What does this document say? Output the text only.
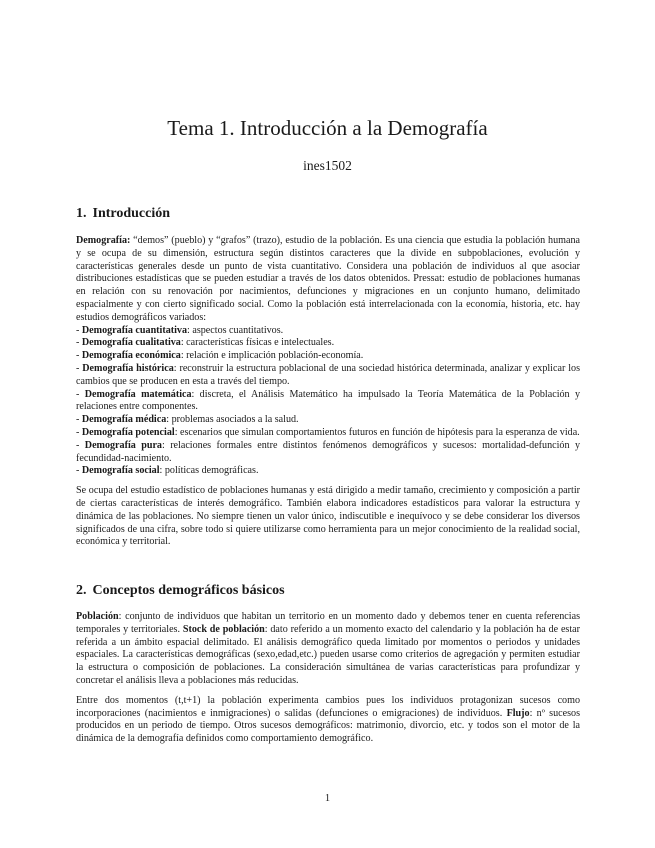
Tema 1. Introducción a la Demografía
ines1502
1. Introducción

Demografía: “demos” (pueblo) y “grafos” (trazo), estudio de la población. Es una ciencia que estudia la población humana y se ocupa de su dimensión, estructura según distintos caracteres que la divide en subpoblaciones, evolución y características generales desde un punto de vista cuantitativo. Considera una población de individuos al que asociar distribuciones estadísticas que se pueden estudiar a través de los datos obtenidos. Pressat: estudio de poblaciones humanas en relación con su renovación por nacimientos, defunciones y migraciones en un conjunto humano, delimitado espacialmente y con cierto significado social. Como la población está interrelacionada con la economía, historia, etc. hay estudios demográficos variados:

- Demografía cuantitativa: aspectos cuantitativos.

- Demografía cualitativa: características físicas e intelectuales.

- Demografía económica: relación e implicación población-economía.

- Demografía histórica: reconstruir la estructura poblacional de una sociedad histórica determinada, analizar y explicar los cambios que se producen en esta a través del tiempo.

- Demografía matemática: discreta, el Análisis Matemático ha impulsado la Teoría Matemática de la Población y relaciones entre componentes.

- Demografía médica: problemas asociados a la salud.

- Demografía potencial: escenarios que simulan comportamientos futuros en función de hipótesis para la esperanza de vida.

- Demografía pura: relaciones formales entre distintos fenómenos demográficos y sucesos: mortalidad-defunción y fecundidad-nacimiento.

- Demografía social: políticas demográficas.

Se ocupa del estudio estadístico de poblaciones humanas y está dirigido a medir tamaño, crecimiento y composición a partir de ciertas características de interés demográfico. También elabora indicadores estadísticos para valorar la estructura y dinámica de las poblaciones. No siempre tienen un valor único, indiscutible e inequívoco y se debe considerar los diversos significados de una cifra, sobre todo si quiere utilizarse como herramienta para un mejor conocimiento de la realidad social, económica y territorial.

2. Conceptos demográficos básicos

Población: conjunto de individuos que habitan un territorio en un momento dado y debemos tener en cuenta referencias temporales y territoriales. Stock de población: dato referido a un momento exacto del calendario y la población ha de estar referida a un ámbito espacial delimitado. El análisis demográfico queda limitado por momentos o periodos y unidades espaciales. La características demográficas (sexo,edad,etc.) pueden usarse como criterios de agregación y permiten estudiar la estructura o composición de poblaciones. La consideración simultánea de varias características para profundizar y concretar el análisis lleva a poblaciones más reducidas.

Entre dos momentos (t,t+1) la población experimenta cambios pues los individuos protagonizan sucesos como incorporaciones (nacimientos e inmigraciones) o salidas (defunciones o emigraciones) de individuos. Flujo: nº sucesos producidos en un periodo de tiempo. Otros sucesos demográficos: matrimonio, divorcio, etc. y todos son el motor de la dinámica de la demografía definidos como comportamiento demográfico.

1
